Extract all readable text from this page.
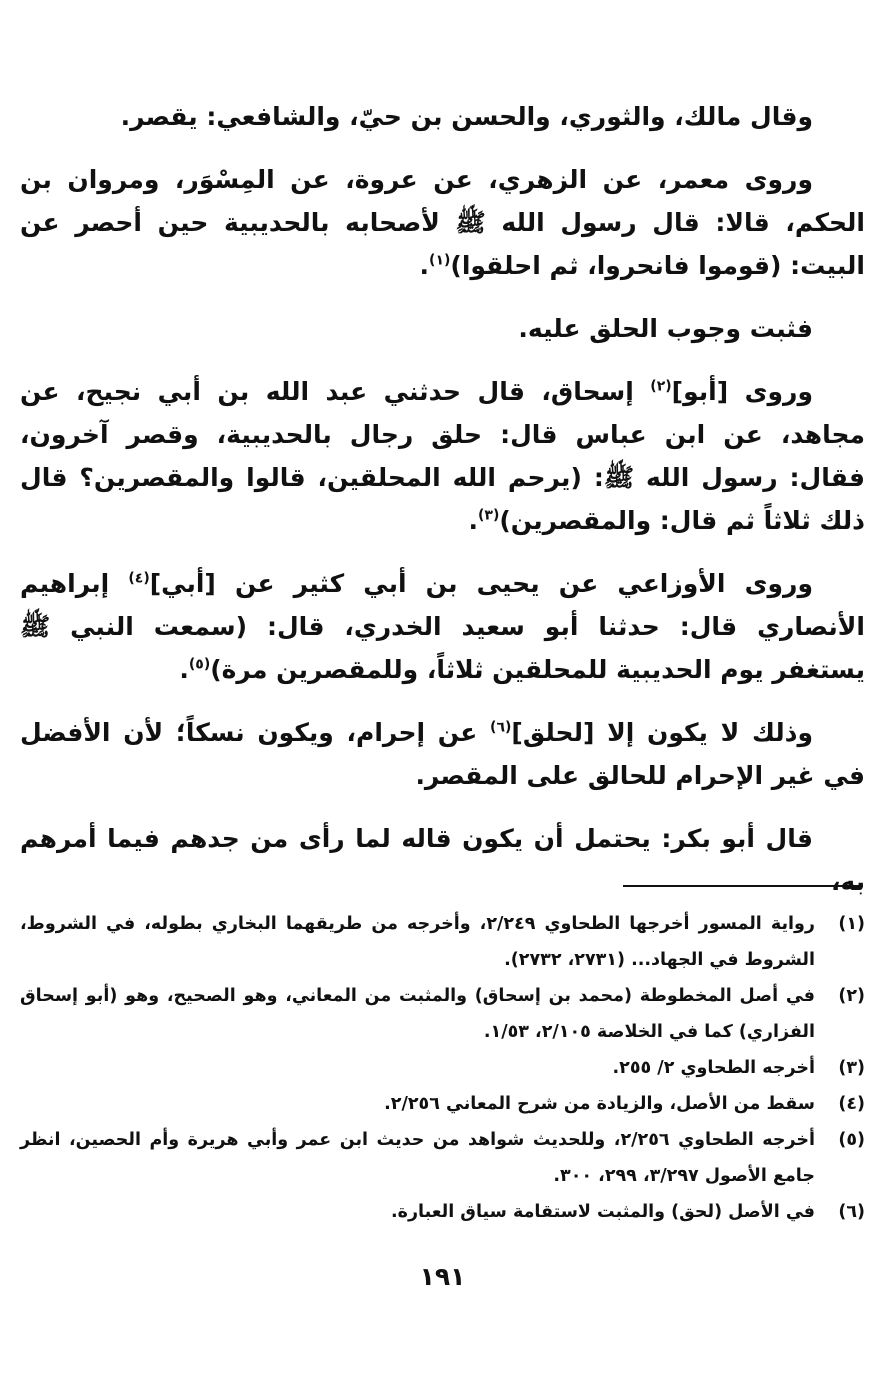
وقال مالك، والثوري، والحسن بن حيّ، والشافعي: يقصر.

وروى معمر، عن الزهري، عن عروة، عن المِسْوَر، ومروان بن الحكم، قالا: قال رسول الله ﷺ لأصحابه بالحديبية حين أحصر عن البيت: (قوموا فانحروا، ثم احلقوا)$^{(١)}$.

فثبت وجوب الحلق عليه.

وروى [أبو]$^{(٢)}$ إسحاق، قال حدثني عبد الله بن أبي نجيح، عن مجاهد، عن ابن عباس قال: حلق رجال بالحديبية، وقصر آخرون، فقال: رسول الله ﷺ: (يرحم الله المحلقين، قالوا والمقصرين؟ قال ذلك ثلاثاً ثم قال: والمقصرين)$^{(٣)}$.

وروى الأوزاعي عن يحيى بن أبي كثير عن [أبي]$^{(٤)}$ إبراهيم الأنصاري قال: حدثنا أبو سعيد الخدري، قال: (سمعت النبي ﷺ يستغفر يوم الحديبية للمحلقين ثلاثاً، وللمقصرين مرة)$^{(٥)}$.

وذلك لا يكون إلا [لحلق]$^{(٦)}$ عن إحرام، ويكون نسكاً؛ لأن الأفضل في غير الإحرام للحالق على المقصر.

قال أبو بكر: يحتمل أن يكون قاله لما رأى من جدهم فيما أمرهم به،

(١)
رواية المسور أخرجها الطحاوي ٢/٢٤٩، وأخرجه من طريقهما البخاري بطوله، في الشروط، الشروط في الجهاد... (٢٧٣١، ٢٧٣٢).
(٢)
في أصل المخطوطة (محمد بن إسحاق) والمثبت من المعاني، وهو الصحيح، وهو (أبو إسحاق الفزاري) كما في الخلاصة ٢/١٠٥، ١/٥٣.
(٣)
أخرجه الطحاوي ٢/ ٢٥٥.
(٤)
سقط من الأصل، والزيادة من شرح المعاني ٢/٢٥٦.
(٥)
أخرجه الطحاوي ٢/٢٥٦، وللحديث شواهد من حديث ابن عمر وأبي هريرة وأم الحصين، انظر جامع الأصول ٣/٢٩٧، ٢٩٩، ٣٠٠.
(٦)
في الأصل (لحق) والمثبت لاستقامة سياق العبارة.
١٩١
